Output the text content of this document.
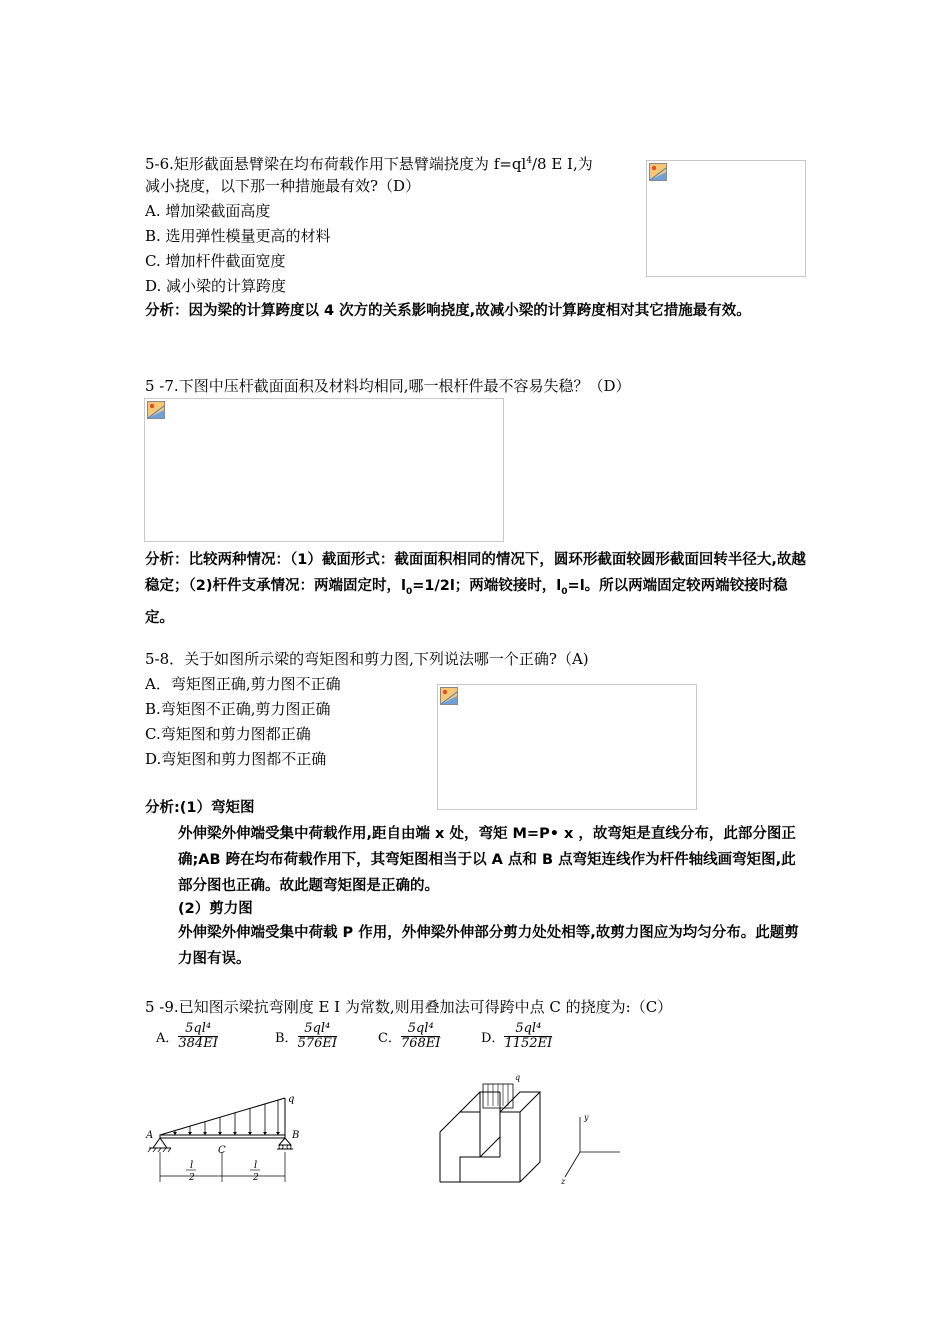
5-6.矩形截面悬臂梁在均布荷载作用下悬臂端挠度为 $f=ql^4/8$ E I,为
减小挠度，以下那一种措施最有效?（D）
A. 增加梁截面高度
B. 选用弹性模量更高的材料
C. 增加杆件截面宽度
D. 减小梁的计算跨度
分析：因为梁的计算跨度以 4 次方的关系影响挠度,故减小梁的计算跨度相对其它措施最有效。
5 -7.下图中压杆截面面积及材料均相同,哪一根杆件最不容易失稳？（D）
分析：比较两种情况：（1）截面形式：截面面积相同的情况下，圆环形截面较圆形截面回转半径大,故越稳定；（2)杆件支承情况：两端固定时，$l_0=1/2l$；两端铰接时，$l_0=l$。所以两端固定较两端铰接时稳定。
5-8．关于如图所示梁的弯矩图和剪力图,下列说法哪一个正确?（A)
A．弯矩图正确,剪力图不正确
B.弯矩图不正确,剪力图正确
C.弯矩图和剪力图都正确
D.弯矩图和剪力图都不正确
分析:(1）弯矩图
外伸梁外伸端受集中荷载作用,距自由端 x 处，弯矩 M=P• x ，故弯矩是直线分布，此部分图正确;AB 跨在均布荷载作用下，其弯矩图相当于以 A 点和 B 点弯矩连线作为杆件轴线画弯矩图,此部分图也正确。故此题弯矩图是正确的。
(2）剪力图
外伸梁外伸端受集中荷载 P 作用，外伸梁外伸部分剪力处处相等,故剪力图应为均匀分布。此题剪力图有误。
5 -9.已知图示梁抗弯刚度 E I 为常数,则用叠加法可得跨中点 C 的挠度为:（C）
A． $\frac{\text{5ql⁴}}{384EI}$	B． $\frac{\text{5ql⁴}}{576EI}$	C． $\frac{\text{5ql⁴}}{768EI}$	D． $\frac{\text{5ql⁴}}{1152EI}$
q
A	B
C
l
2
l
2
q
y
z
